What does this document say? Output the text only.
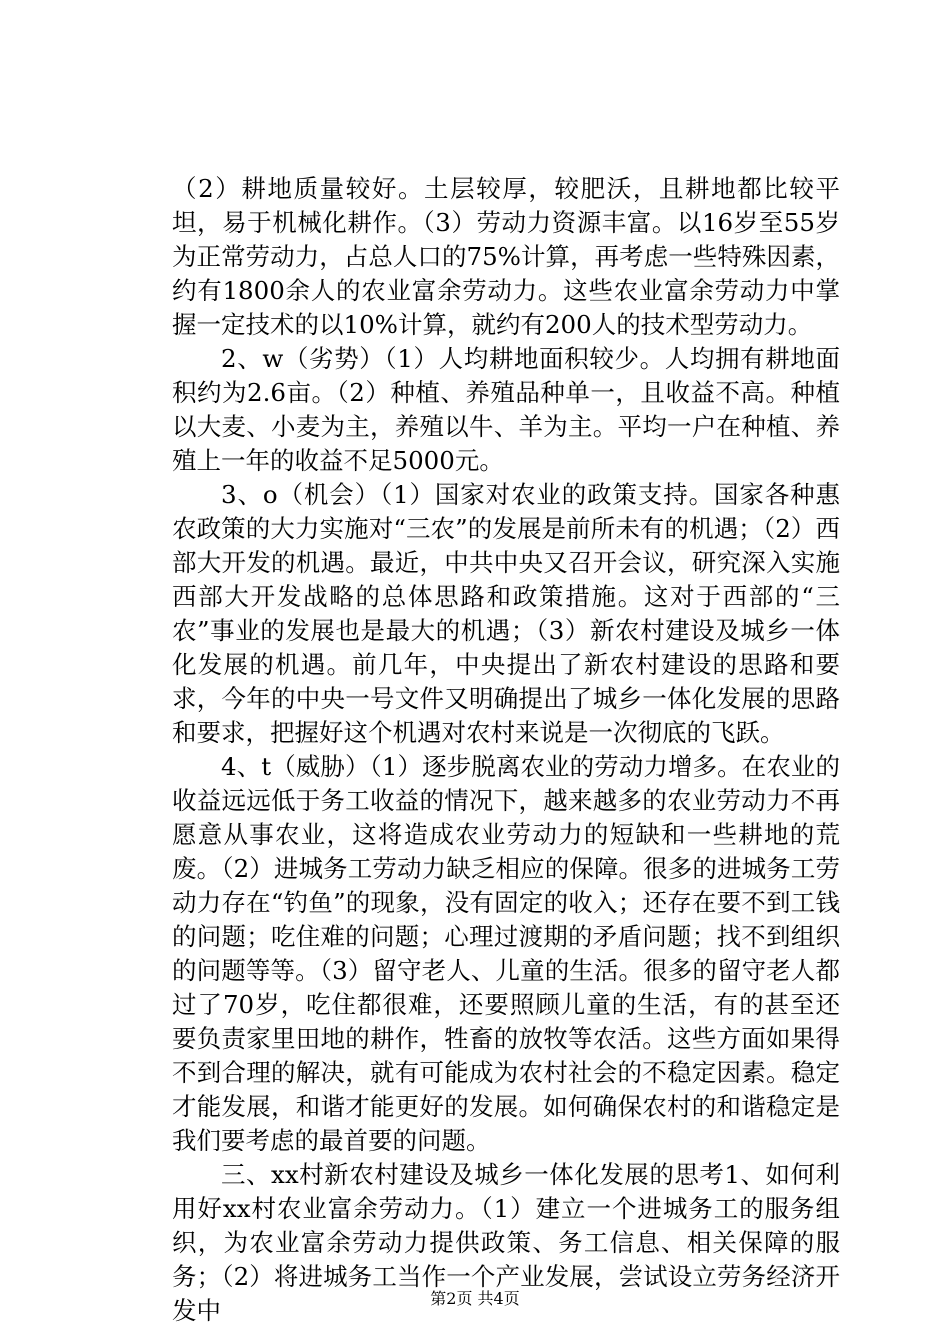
（2）耕地质量较好。土层较厚，较肥沃，且耕地都比较平坦，易于机械化耕作。（3）劳动力资源丰富。以16岁至55岁为正常劳动力，占总人口的75%计算，再考虑一些特殊因素，约有1800余人的农业富余劳动力。这些农业富余劳动力中掌握一定技术的以10%计算，就约有200人的技术型劳动力。

2、w（劣势）（1）人均耕地面积较少。人均拥有耕地面积约为2.6亩。（2）种植、养殖品种单一，且收益不高。种植以大麦、小麦为主，养殖以牛、羊为主。平均一户在种植、养殖上一年的收益不足5000元。

3、o（机会）（1）国家对农业的政策支持。国家各种惠农政策的大力实施对“三农”的发展是前所未有的机遇；（2）西部大开发的机遇。最近，中共中央又召开会议，研究深入实施西部大开发战略的总体思路和政策措施。这对于西部的“三农”事业的发展也是最大的机遇；（3）新农村建设及城乡一体化发展的机遇。前几年，中央提出了新农村建设的思路和要求，今年的中央一号文件又明确提出了城乡一体化发展的思路和要求，把握好这个机遇对农村来说是一次彻底的飞跃。

4、t（威胁）（1）逐步脱离农业的劳动力增多。在农业的收益远远低于务工收益的情况下，越来越多的农业劳动力不再愿意从事农业，这将造成农业劳动力的短缺和一些耕地的荒废。（2）进城务工劳动力缺乏相应的保障。很多的进城务工劳动力存在“钓鱼”的现象，没有固定的收入；还存在要不到工钱的问题；吃住难的问题；心理过渡期的矛盾问题；找不到组织的问题等等。（3）留守老人、儿童的生活。很多的留守老人都过了70岁，吃住都很难，还要照顾儿童的生活，有的甚至还要负责家里田地的耕作，牲畜的放牧等农活。这些方面如果得不到合理的解决，就有可能成为农村社会的不稳定因素。稳定才能发展，和谐才能更好的发展。如何确保农村的和谐稳定是我们要考虑的最首要的问题。

三、xx村新农村建设及城乡一体化发展的思考1、如何利用好xx村农业富余劳动力。（1）建立一个进城务工的服务组织，为农业富余劳动力提供政策、务工信息、相关保障的服务；（2）将进城务工当作一个产业发展，尝试设立劳务经济开发中	第2页 共4页
